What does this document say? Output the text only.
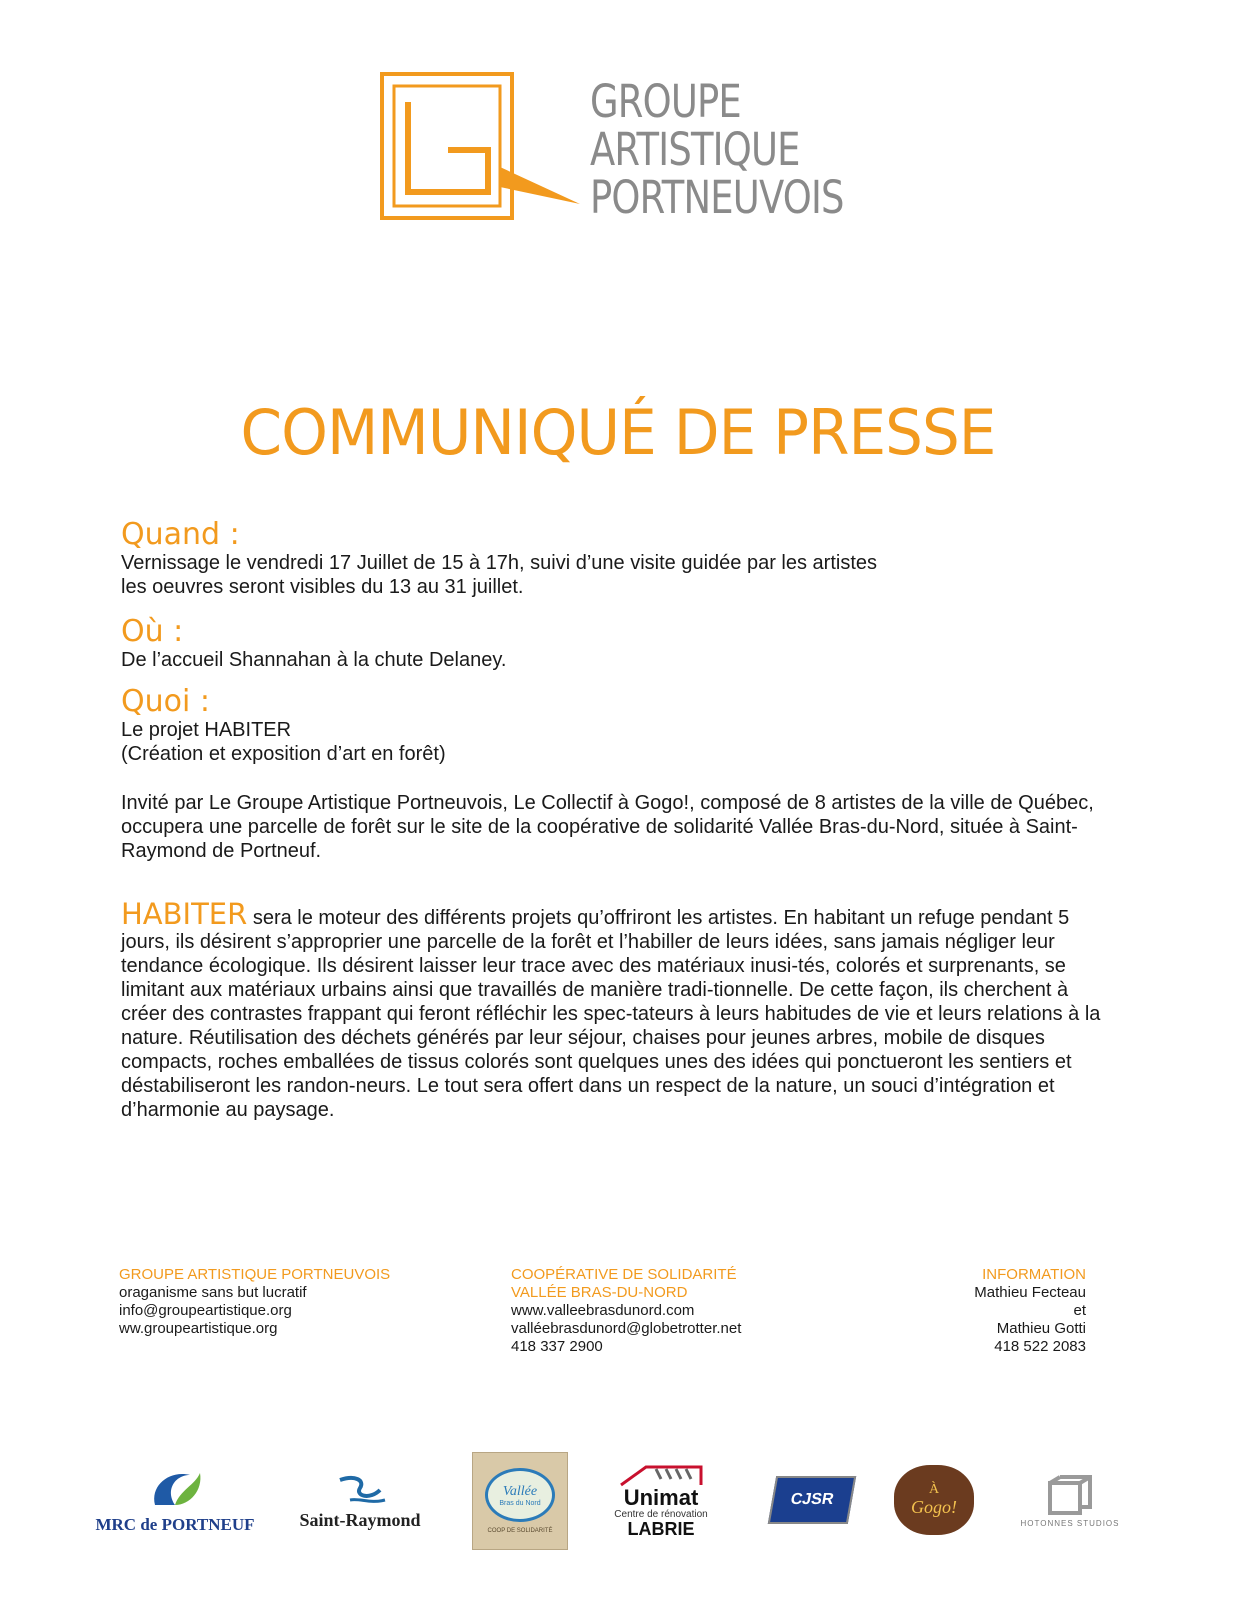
GROUPE
ARTISTIQUE
PORTNEUVOIS
COMMUNIQUÉ DE PRESSE
Quand :
Vernissage le vendredi 17 Juillet de 15 à 17h, suivi d’une visite guidée par les artistes
les oeuvres seront visibles du 13 au 31 juillet.
Où :
De l’accueil Shannahan à la chute Delaney.
Quoi :
Le projet HABITER
(Création et exposition d’art en forêt)
Invité par Le Groupe Artistique Portneuvois, Le Collectif à Gogo!, composé de 8 artistes de la ville de Québec, occupera une parcelle de forêt sur le site de la coopérative de solidarité Vallée Bras-du-Nord, située à Saint-Raymond de Portneuf.
HABITER sera le moteur des différents projets qu’offriront les artistes. En habitant un refuge pendant 5 jours, ils désirent s’approprier une parcelle de la forêt et l’habiller de leurs idées, sans jamais négliger leur tendance écologique. Ils désirent laisser leur trace avec des matériaux inusi-tés, colorés et surprenants, se limitant aux matériaux urbains ainsi que travaillés de manière tradi-tionnelle. De cette façon, ils cherchent à créer des contrastes frappant qui feront réfléchir les spec-tateurs à leurs habitudes de vie et leurs relations à la nature. Réutilisation des déchets générés par leur séjour, chaises pour jeunes arbres, mobile de disques compacts, roches emballées de tissus colorés sont quelques unes des idées qui ponctueront les sentiers et déstabiliseront les randon-neurs. Le tout sera offert dans un respect de la nature, un souci d’intégration et d’harmonie au paysage.
GROUPE ARTISTIQUE PORTNEUVOIS
oraganisme sans but lucratif
info@groupeartistique.org
ww.groupeartistique.org
COOPÉRATIVE DE SOLIDARITÉ
VALLÉE BRAS-DU-NORD
www.valleebrasdunord.com
valléebrasdunord@globetrotter.net
418 337 2900
INFORMATION
Mathieu Fecteau
et
Mathieu Gotti
418 522 2083
MRC de PORTNEUF Saint-Raymond
Vallée
Bras du Nord
COOP DE SOLIDARITÉ
Unimat
Centre de rénovation
LABRIE
CJSR
À
Gogo!
HOTONNES STUDIOS
